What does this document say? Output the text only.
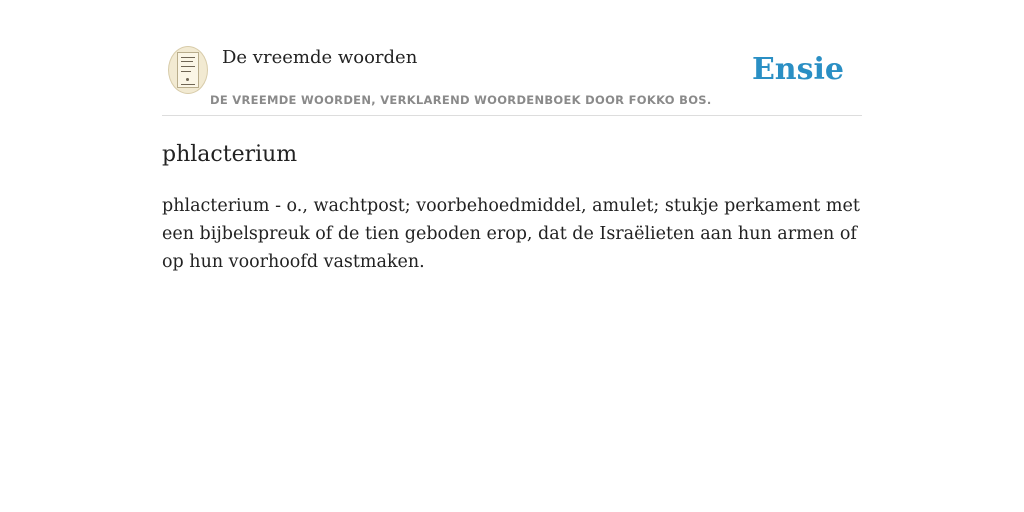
De vreemde woorden
DE VREEMDE WOORDEN, VERKLAREND WOORDENBOEK DOOR FOKKO BOS.
Ensie
phlacterium

phlacterium - o., wachtpost; voorbehoedmiddel, amulet; stukje perkament met een bijbelspreuk of de tien geboden erop, dat de Israëlieten aan hun armen of op hun voorhoofd vastmaken.
